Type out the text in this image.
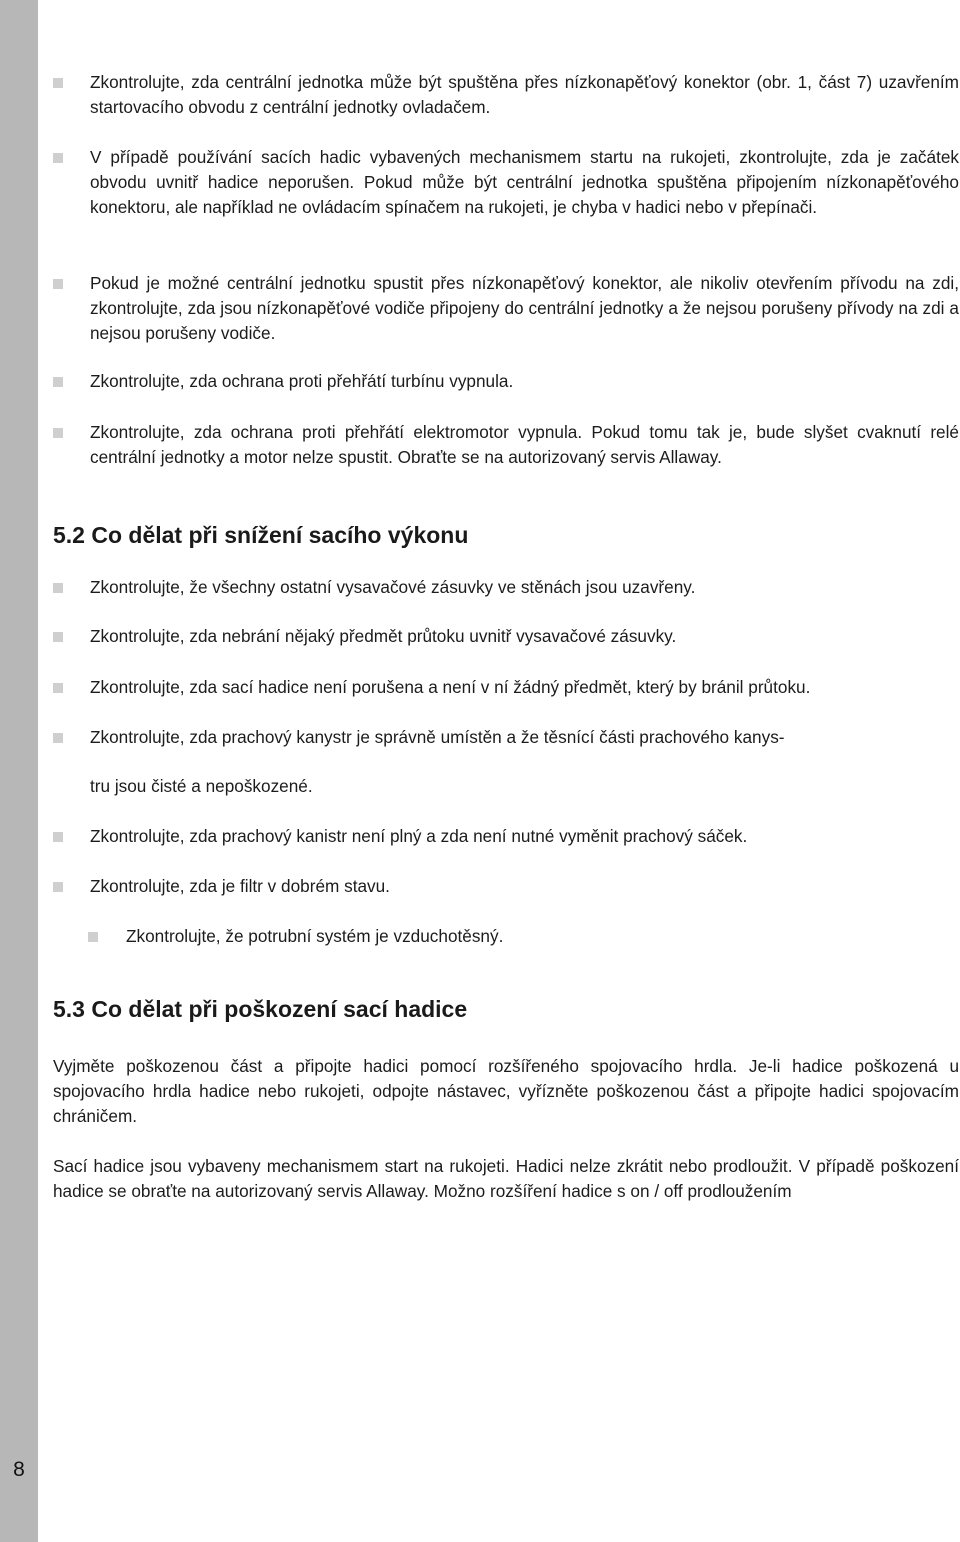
8
Zkontrolujte, zda centrální jednotka může být spuštěna přes nízkonapěťový konektor (obr. 1, část 7) uzavřením startovacího obvodu z centrální jednotky ovladačem.
V případě používání sacích hadic vybavených mechanismem startu na rukojeti, zkontrolujte, zda je začátek obvodu uvnitř hadice neporušen. Pokud může být centrální jednotka spuštěna připojením nízkonapěťového konektoru, ale například ne ovládacím spínačem na rukojeti, je chyba v hadici nebo v přepínači.
Pokud je možné centrální jednotku spustit přes nízkonapěťový konektor, ale nikoliv otevřením přívodu na zdi, zkontrolujte, zda jsou nízkonapěťové vodiče připojeny do centrální jednotky a že nejsou porušeny přívody na zdi a nejsou porušeny vodiče.
Zkontrolujte, zda ochrana proti přehřátí turbínu vypnula.
Zkontrolujte, zda ochrana proti přehřátí elektromotor vypnula. Pokud tomu tak je, bude slyšet cvaknutí relé centrální jednotky a motor nelze spustit. Obraťte se na autorizovaný servis Allaway.
5.2 Co dělat při snížení sacího výkonu
Zkontrolujte, že všechny ostatní vysavačové zásuvky ve stěnách jsou uzavřeny.
Zkontrolujte, zda nebrání nějaký předmět průtoku uvnitř vysavačové zásuvky.
Zkontrolujte, zda sací hadice není porušena a není v ní žádný předmět, který by bránil průtoku.
Zkontrolujte, zda prachový kanystr je správně umístěn a že těsnící části prachového kanys-
tru jsou čisté a nepoškozené.
Zkontrolujte, zda prachový kanistr není plný a zda není nutné vyměnit prachový sáček.
Zkontrolujte, zda je filtr v dobrém stavu.
Zkontrolujte, že potrubní systém je vzduchotěsný.
5.3 Co dělat při poškození sací hadice
Vyjměte poškozenou část a připojte hadici pomocí rozšířeného spojovacího hrdla. Je-li hadice poškozená u spojovacího hrdla hadice nebo rukojeti, odpojte nástavec, vyřízněte poškozenou část a připojte hadici spojovacím chráničem.
Sací hadice jsou vybaveny mechanismem start na rukojeti. Hadici nelze zkrátit nebo prodloužit. V případě poškození hadice se obraťte na autorizovaný servis Allaway. Možno rozšíření hadice s on / off prodloužením
